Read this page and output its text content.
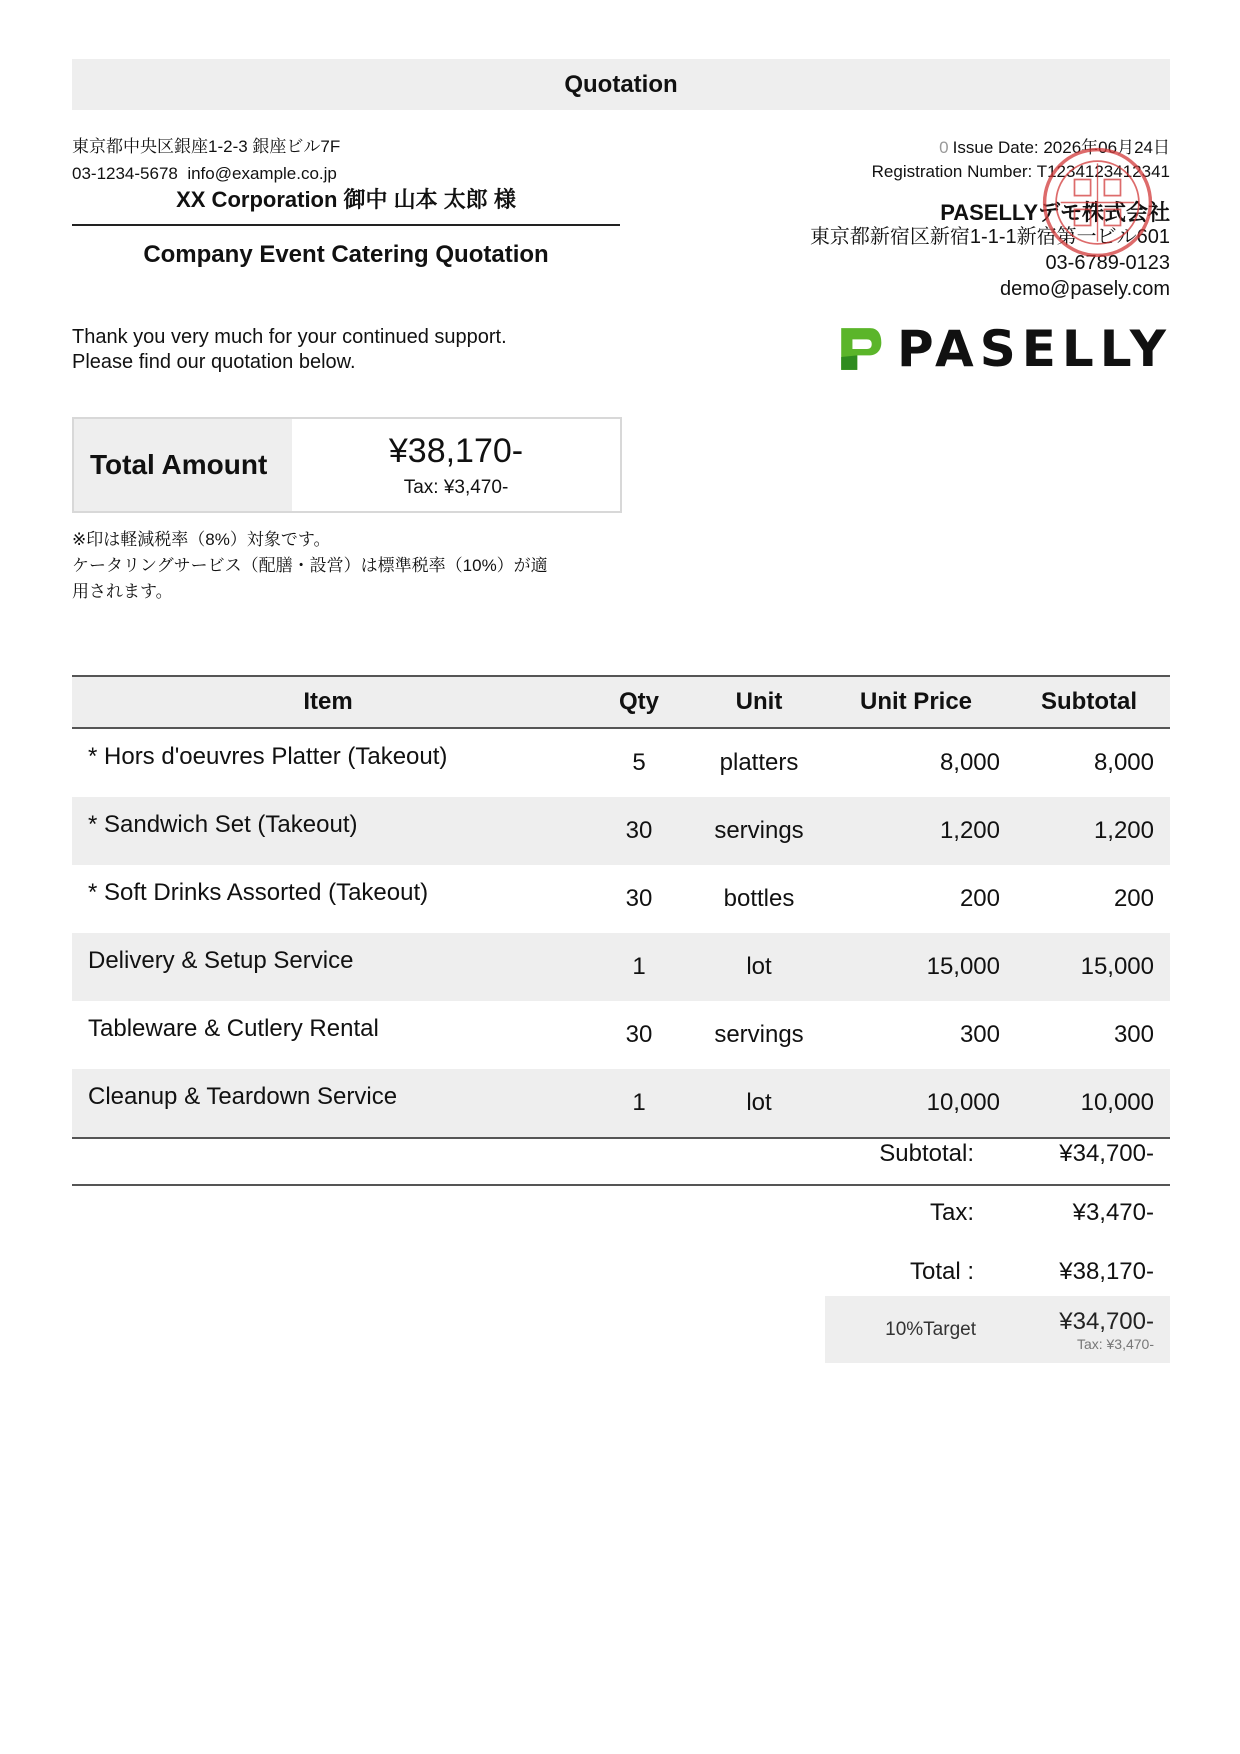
Quotation
東京都中央区銀座1-2-3 銀座ビル7F
03-1234-5678 info@example.co.jp
XX Corporation 御中 山本 太郎 様
Company Event Catering Quotation
Thank you very much for your continued support.
Please find our quotation below.
Total Amount	¥38,170-
Tax: ¥3,470-
※印は軽減税率（8%）対象です。
ケータリングサービス（配膳・設営）は標準税率（10%）が適
用されます。
0 Issue Date: 2026年06月24日
Registration Number: T1234123412341
PASELLYデモ株式会社
東京都新宿区新宿1-1-1新宿第一ビル601
03-6789-0123
demo@pasely.com
PASELLY
Item	Qty	Unit	Unit Price	Subtotal
* Hors d'oeuvres Platter (Takeout)	5	platters	8,000	8,000
* Sandwich Set (Takeout)	30	servings	1,200	1,200
* Soft Drinks Assorted (Takeout)	30	bottles	200	200
Delivery & Setup Service	1	lot	15,000	15,000
Tableware & Cutlery Rental	30	servings	300	300
Cleanup & Teardown Service	1	lot	10,000	10,000
Subtotal:	¥34,700-
Tax:	¥3,470-
Total :	¥38,170-
10%Target	¥34,700-
Tax: ¥3,470-
